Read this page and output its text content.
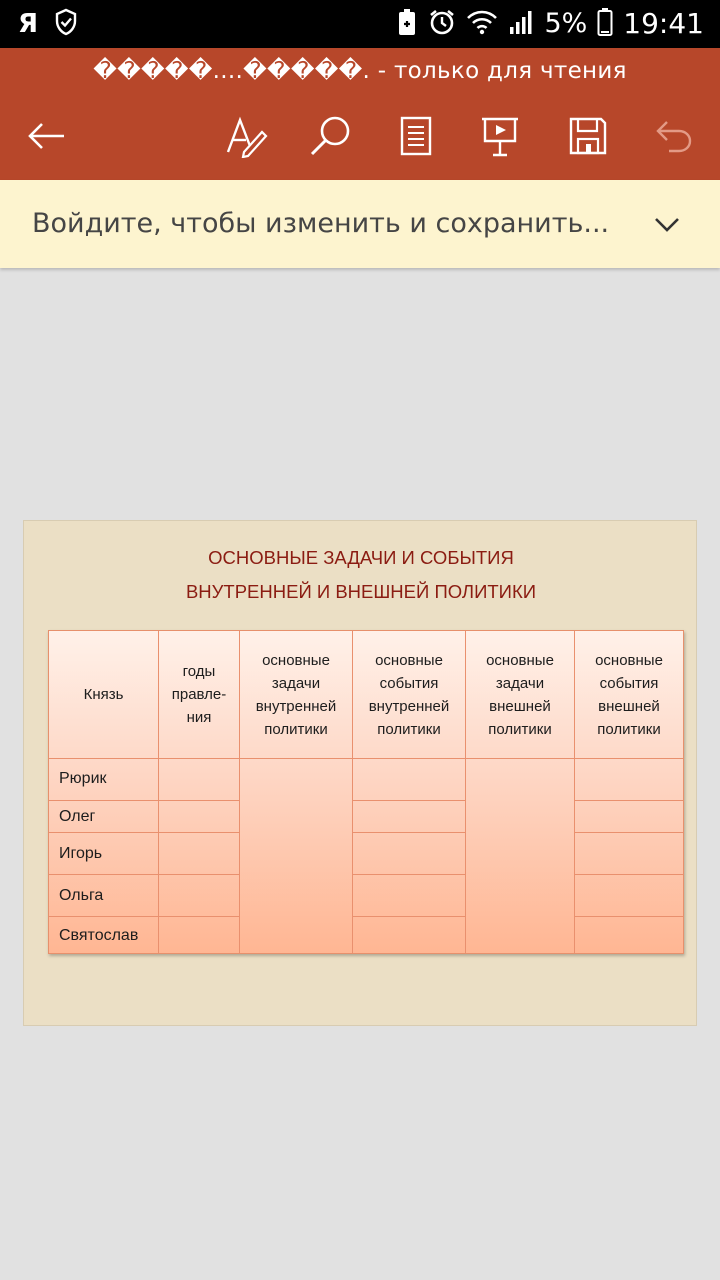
Я	5% 19:41
�����....�����. - только для чтения
Войдите, чтобы изменить и сохранить...
ОСНОВНЫЕ ЗАДАЧИ И СОБЫТИЯ
ВНУТРЕННЕЙ И ВНЕШНЕЙ ПОЛИТИКИ
Князь
годы правле-ния
основные задачи внутренней политики
основные события внутренней политики
основные задачи внешней политики
основные события внешней политики
Рюрик
Олег
Игорь
Ольга
Святослав
